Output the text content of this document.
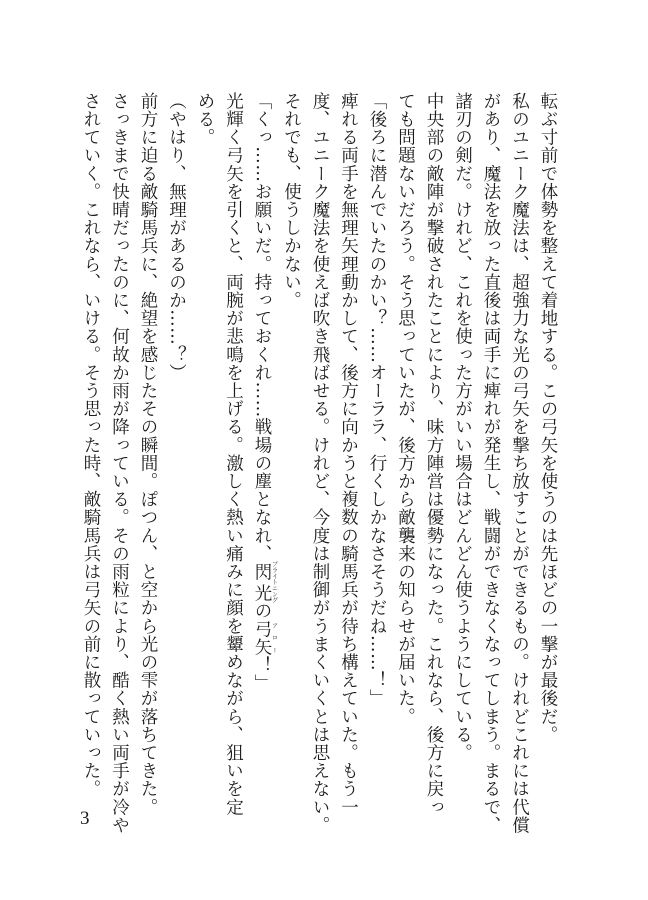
転ぶ寸前で体勢を整えて着地する。この弓矢を使うのは先ほどの一撃が最後だ。
私のユニーク魔法は、超強力な光の弓矢を撃ち放すことができるもの。けれどこれには代償
があり、魔法を放った直後は両手に痺れが発生し、戦闘ができなくなってしまう。まるで、
諸刃の剣だ。けれど、これを使った方がいい場合はどんどん使うようにしている。
中央部の敵陣が撃破されたことにより、味方陣営は優勢になった。これなら、後方に戻っ
ても問題ないだろう。そう思っていたが、後方から敵襲来の知らせが届いた。
「後ろに潜んでいたのかい？……オーララ、行くしかなさそうだね……！」
痺れる両手を無理矢理動かして、後方に向かうと複数の騎馬兵が待ち構えていた。もう一
度、ユニーク魔法を使えば吹き飛ばせる。けれど、今度は制御がうまくいくとは思えない。
それでも、使うしかない。
「くっ……お願いだ。持っておくれ……戦場の塵となれ、閃光ブライトニングの弓矢アロー！」
光輝く弓矢を引くと、両腕が悲鳴を上げる。激しく熱い痛みに顔を顰めながら、狙いを定
める。
（やはり、無理があるのか……？）
前方に迫る敵騎馬兵に、絶望を感じたその瞬間。ぽつん、と空から光の雫が落ちてきた。
さっきまで快晴だったのに、何故か雨が降っている。その雨粒により、酷く熱い両手が冷や
されていく。これなら、いける。そう思った時、敵騎馬兵は弓矢の前に散っていった。
3
